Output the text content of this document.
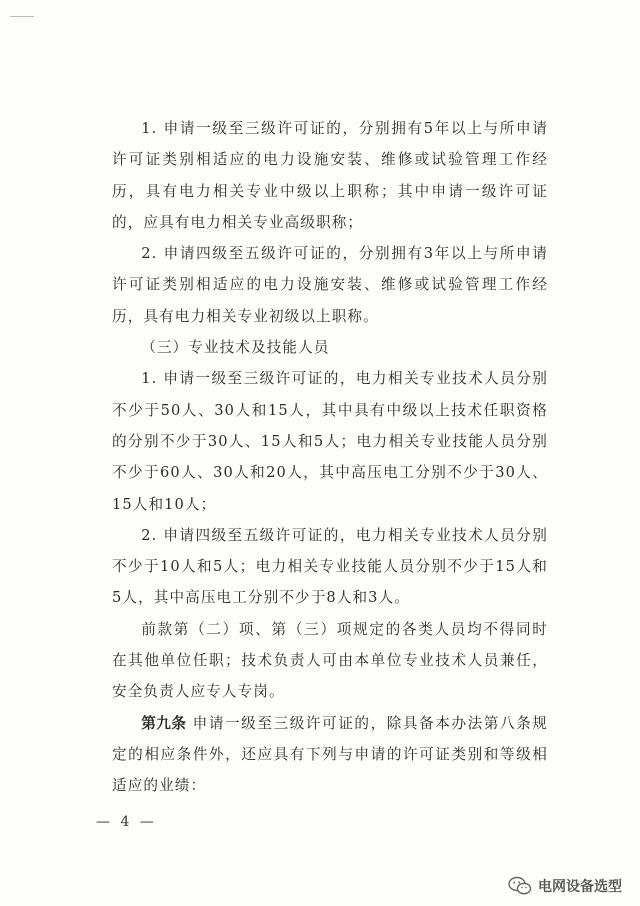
1. 申请一级至三级许可证的，分别拥有5年以上与所申请许可证类别相适应的电力设施安装、维修或试验管理工作经历，具有电力相关专业中级以上职称；其中申请一级许可证的，应具有电力相关专业高级职称；

2. 申请四级至五级许可证的，分别拥有3年以上与所申请许可证类别相适应的电力设施安装、维修或试验管理工作经历，具有电力相关专业初级以上职称。

（三）专业技术及技能人员

1. 申请一级至三级许可证的，电力相关专业技术人员分别不少于50人、30人和15人，其中具有中级以上技术任职资格的分别不少于30人、15人和5人；电力相关专业技能人员分别不少于60人、30人和20人，其中高压电工分别不少于30人、15人和10人；

2. 申请四级至五级许可证的，电力相关专业技术人员分别不少于10人和5人；电力相关专业技能人员分别不少于15人和5人，其中高压电工分别不少于8人和3人。

前款第（二）项、第（三）项规定的各类人员均不得同时在其他单位任职；技术负责人可由本单位专业技术人员兼任，安全负责人应专人专岗。

第九条 申请一级至三级许可证的，除具备本办法第八条规定的相应条件外，还应具有下列与申请的许可证类别和等级相适应的业绩：

— 4 —
电网设备选型
